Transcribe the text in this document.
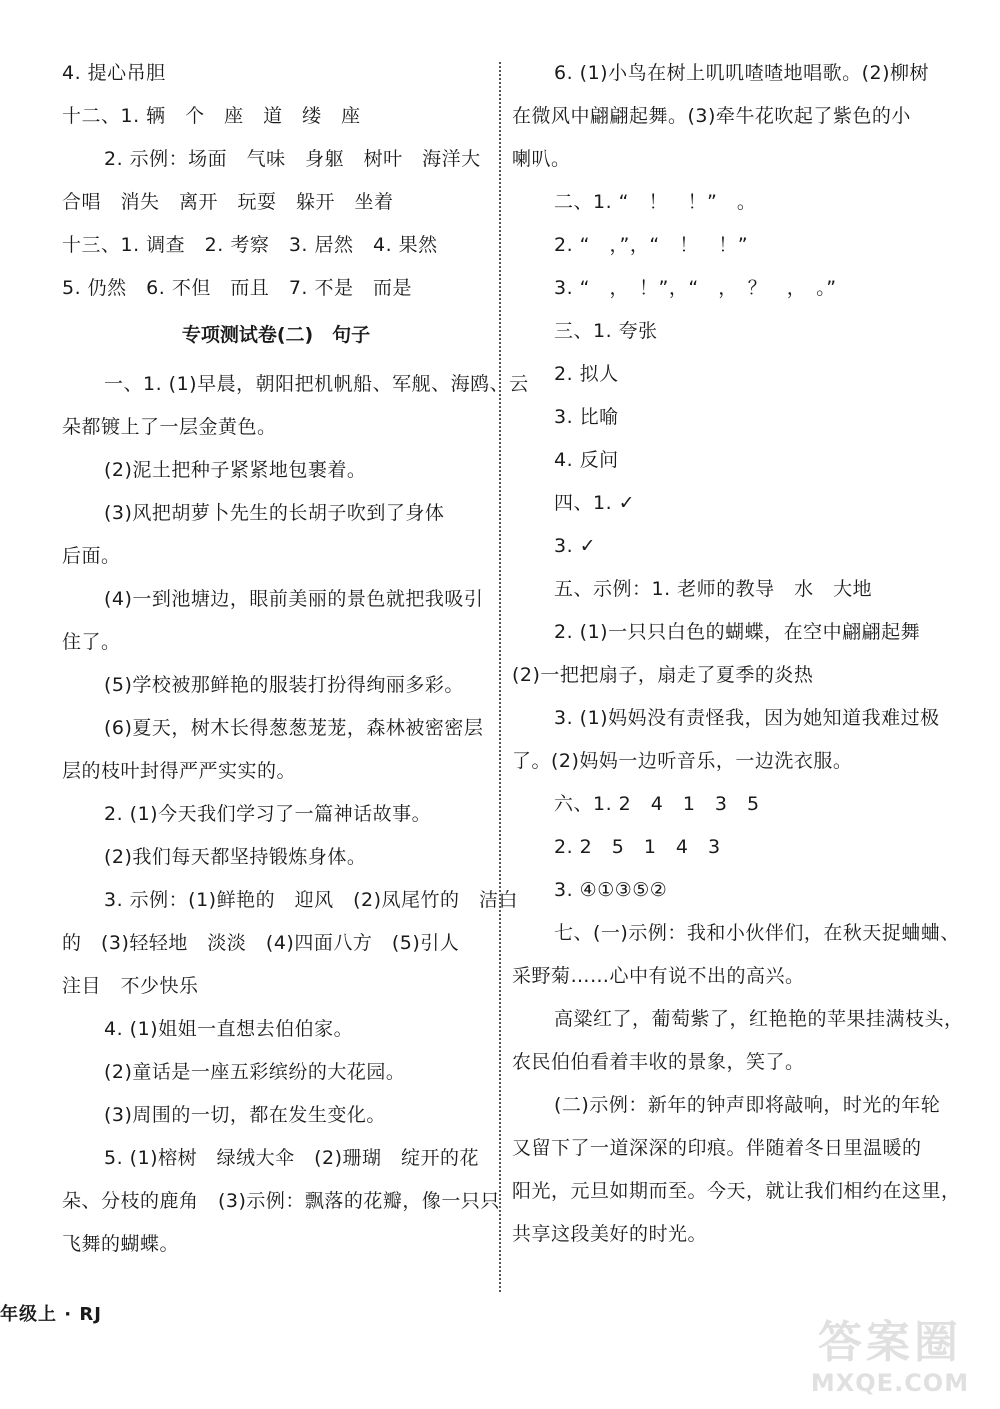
4. 提心吊胆
十二、1. 辆　个　座　道　缕　座
2. 示例：场面　气味　身躯　树叶　海洋大
合唱　消失　离开　玩耍　躲开　坐着
十三、1. 调查　2. 考察　3. 居然　4. 果然
5. 仍然　6. 不但　而且　7. 不是　而是
专项测试卷(二)　句子
一、1. (1)早晨，朝阳把机帆船、军舰、海鸥、云
朵都镀上了一层金黄色。
(2)泥土把种子紧紧地包裹着。
(3)风把胡萝卜先生的长胡子吹到了身体
后面。
(4)一到池塘边，眼前美丽的景色就把我吸引
住了。
(5)学校被那鲜艳的服装打扮得绚丽多彩。
(6)夏天，树木长得葱葱茏茏，森林被密密层
层的枝叶封得严严实实的。
2. (1)今天我们学习了一篇神话故事。
(2)我们每天都坚持锻炼身体。
3. 示例：(1)鲜艳的　迎风　(2)凤尾竹的　洁白
的　(3)轻轻地　淡淡　(4)四面八方　(5)引人
注目　不少快乐
4. (1)姐姐一直想去伯伯家。
(2)童话是一座五彩缤纷的大花园。
(3)周围的一切，都在发生变化。
5. (1)榕树　绿绒大伞　(2)珊瑚　绽开的花
朵、分枝的鹿角　(3)示例：飘落的花瓣，像一只只
飞舞的蝴蝶。
6. (1)小鸟在树上叽叽喳喳地唱歌。(2)柳树
在微风中翩翩起舞。(3)牵牛花吹起了紫色的小
喇叭。
二、1. “　！　！”　。
2. “　，”，“　！　！”
3. “　，　！”，“　，　？　，　。”
三、1. 夸张
2. 拟人
3. 比喻
4. 反问
四、1. ✓
3. ✓
五、示例：1. 老师的教导　水　大地
2. (1)一只只白色的蝴蝶，在空中翩翩起舞
(2)一把把扇子，扇走了夏季的炎热
3. (1)妈妈没有责怪我，因为她知道我难过极
了。(2)妈妈一边听音乐，一边洗衣服。
六、1. 2　4　1　3　5
2. 2　5　1　4　3
3. ④①③⑤②
七、(一)示例：我和小伙伴们，在秋天捉蛐蛐、
采野菊……心中有说不出的高兴。
高粱红了，葡萄紫了，红艳艳的苹果挂满枝头，
农民伯伯看着丰收的景象，笑了。
(二)示例：新年的钟声即将敲响，时光的年轮
又留下了一道深深的印痕。伴随着冬日里温暖的
阳光，元旦如期而至。今天，就让我们相约在这里，
共享这段美好的时光。
年级上 · RJ
答案圈
MXQE.COM
